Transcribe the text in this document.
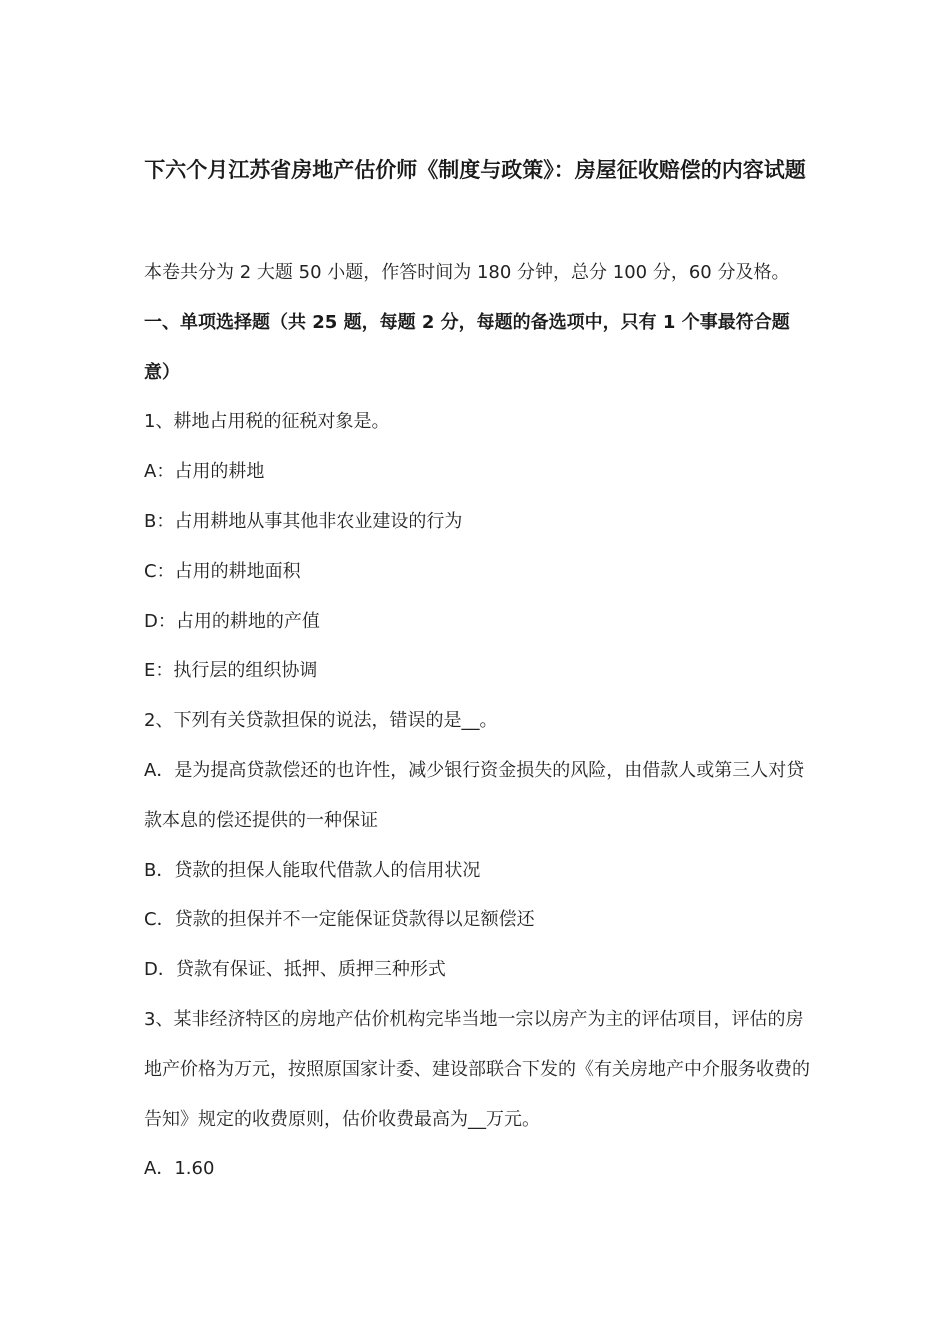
下六个月江苏省房地产估价师《制度与政策》：房屋征收赔偿的内容试题

本卷共分为 2 大题 50 小题，作答时间为 180 分钟，总分 100 分，60 分及格。

一、单项选择题（共 25 题，每题 2 分，每题的备选项中，只有 1 个事最符合题意）

1、耕地占用税的征税对象是。

A：占用的耕地

B：占用耕地从事其他非农业建设的行为

C：占用的耕地面积

D：占用的耕地的产值

E：执行层的组织协调

2、下列有关贷款担保的说法，错误的是__。

A．是为提高贷款偿还的也许性，减少银行资金损失的风险，由借款人或第三人对贷款本息的偿还提供的一种保证

B．贷款的担保人能取代借款人的信用状况

C．贷款的担保并不一定能保证贷款得以足额偿还

D．贷款有保证、抵押、质押三种形式

3、某非经济特区的房地产估价机构完毕当地一宗以房产为主的评估项目，评估的房地产价格为万元，按照原国家计委、建设部联合下发的《有关房地产中介服务收费的告知》规定的收费原则，估价收费最高为__万元。

A．1.60
